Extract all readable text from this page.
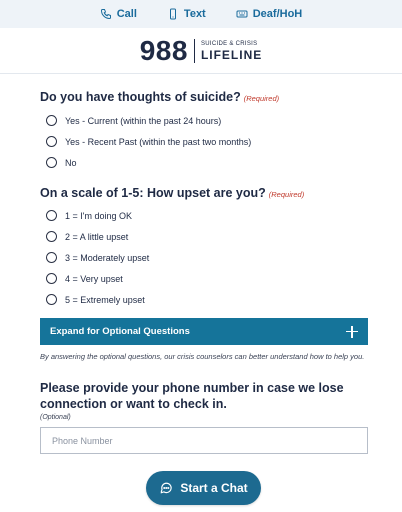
Call	Text	Deaf/HoH
988 SUICIDE & CRISIS
LIFELINE
Do you have thoughts of suicide? (Required)
Yes - Current (within the past 24 hours)
Yes - Recent Past (within the past two months)
No
On a scale of 1-5: How upset are you? (Required)
1 = I'm doing OK
2 = A little upset
3 = Moderately upset
4 = Very upset
5 = Extremely upset
Expand for Optional Questions

By answering the optional questions, our crisis counselors can better understand how to help you.

Please provide your phone number in case we lose connection or want to check in.
(Optional)
Phone Number
Start a Chat
